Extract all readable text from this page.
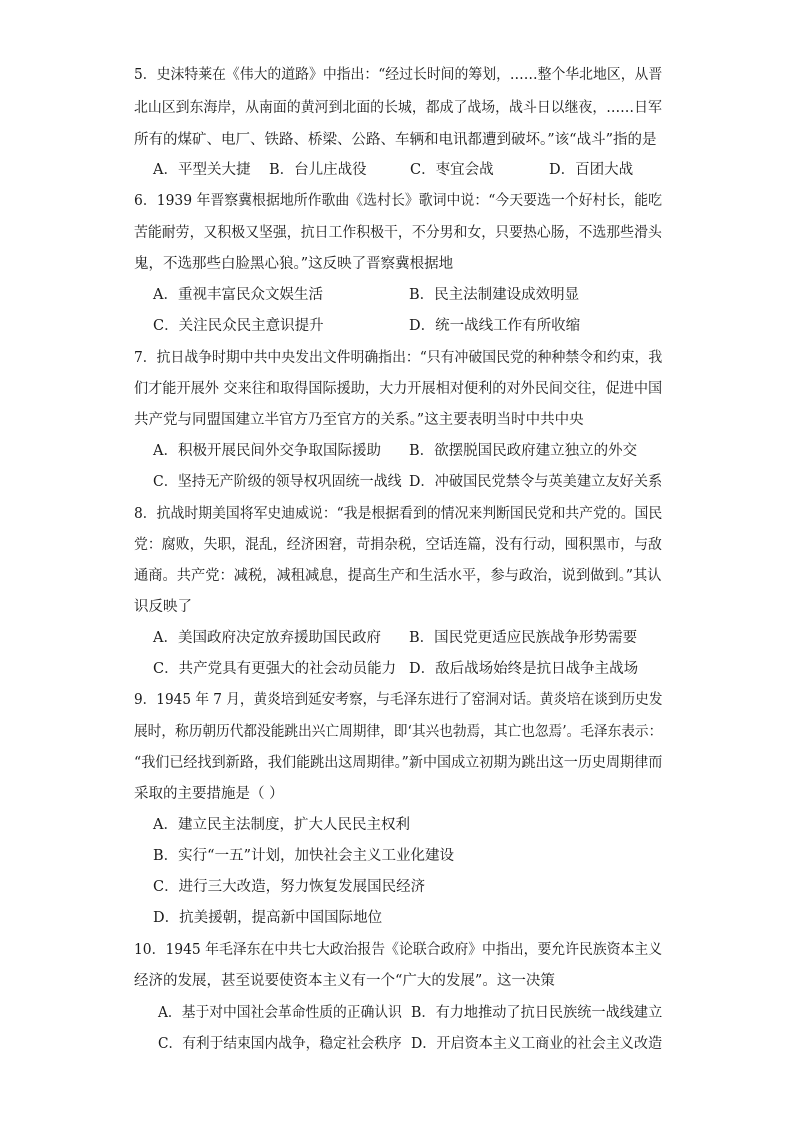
5．史沫特莱在《伟大的道路》中指出：“经过长时间的筹划，……整个华北地区，从晋
北山区到东海岸，从南面的黄河到北面的长城，都成了战场，战斗日以继夜，……日军
所有的煤矿、电厂、铁路、桥梁、公路、车辆和电讯都遭到破坏。”该“战斗”指的是
A．平型关大捷 B．台儿庄战役	C．枣宜会战	D．百团大战
6．1939 年晋察冀根据地所作歌曲《选村长》歌词中说：“今天要选一个好村长，能吃
苦能耐劳，又积极又坚强，抗日工作积极干，不分男和女，只要热心肠，不选那些滑头
鬼，不选那些白脸黑心狼。”这反映了晋察冀根据地
A．重视丰富民众文娱生活	B．民主法制建设成效明显
C．关注民众民主意识提升	D．统一战线工作有所收缩
7．抗日战争时期中共中央发出文件明确指出：“只有冲破国民党的种种禁令和约束，我
们才能开展外 交来往和取得国际援助，大力开展相对便利的对外民间交往，促进中国
共产党与同盟国建立半官方乃至官方的关系。”这主要表明当时中共中央
A．积极开展民间外交争取国际援助 B．欲摆脱国民政府建立独立的外交
C．坚持无产阶级的领导权巩固统一战线 D．冲破国民党禁令与英美建立友好关系
8．抗战时期美国将军史迪威说：“我是根据看到的情况来判断国民党和共产党的。国民
党：腐败，失职，混乱，经济困窘，苛捐杂税，空话连篇，没有行动，囤积黑市，与敌
通商。共产党：减税，减租减息，提高生产和生活水平，参与政治，说到做到。”其认
识反映了
A．美国政府决定放弃援助国民政府 B．国民党更适应民族战争形势需要
C．共产党具有更强大的社会动员能力 D．敌后战场始终是抗日战争主战场
9．1945 年 7 月，黄炎培到延安考察，与毛泽东进行了窑洞对话。黄炎培在谈到历史发
展时，称历朝历代都没能跳出兴亡周期律，即‘其兴也勃焉，其亡也忽焉’。毛泽东表示：
“我们已经找到新路，我们能跳出这周期律。”新中国成立初期为跳出这一历史周期律而
采取的主要措施是（ ）
A．建立民主法制度，扩大人民民主权利
B．实行“一五”计划，加快社会主义工业化建设
C．进行三大改造，努力恢复发展国民经济
D．抗美援朝，提高新中国国际地位
10．1945 年毛泽东在中共七大政治报告《论联合政府》中指出，要允许民族资本主义
经济的发展，甚至说要使资本主义有一个“广大的发展”。这一决策
A．基于对中国社会革命性质的正确认识 B．有力地推动了抗日民族统一战线建立
C．有利于结束国内战争，稳定社会秩序 D．开启资本主义工商业的社会主义改造
